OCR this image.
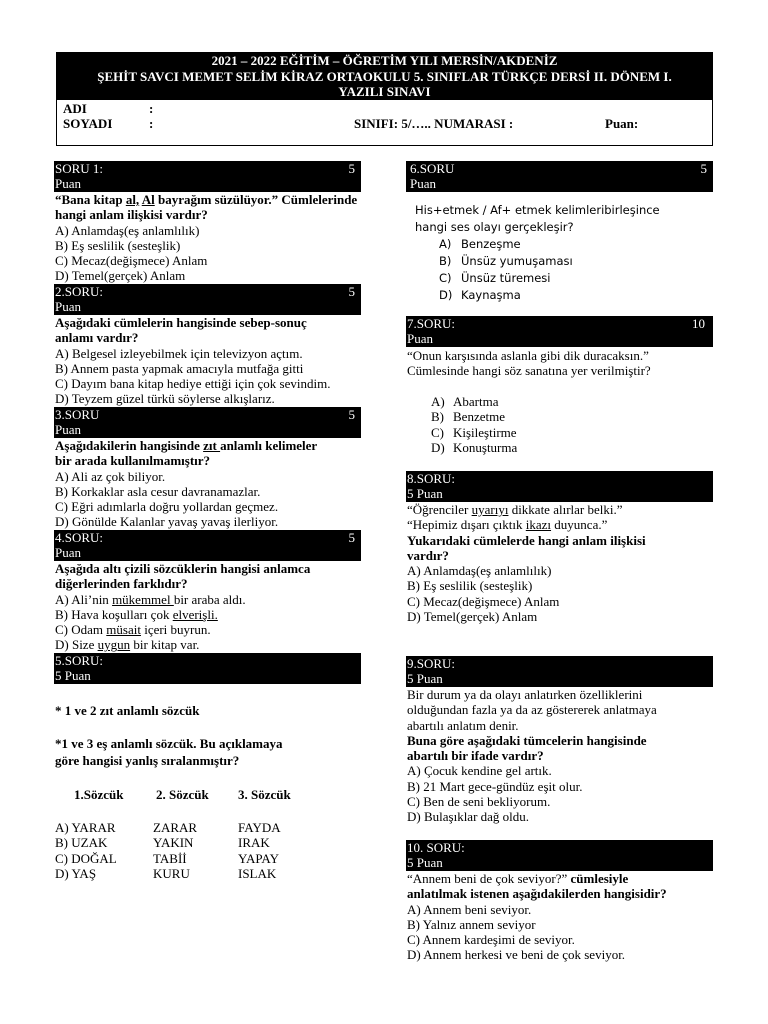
2021 – 2022 EĞİTİM – ÖĞRETİM YILI MERSİN/AKDENİZ
ŞEHİT SAVCI MEMET SELİM KİRAZ ORTAOKULU 5. SINIFLAR TÜRKÇE DERSİ II. DÖNEM I.
YAZILI SINAVI
ADI	:
SOYADI	:	SINIFI: 5/….. NUMARASI :	Puan:
SORU 1:
Puan
5
“Bana kitap al, Al bayrağım süzülüyor.” Cümlelerinde
hangi anlam ilişkisi vardır?
A) Anlamdaş(eş anlamlılık)
B) Eş seslilik (sesteşlik)
C) Mecaz(değişmece) Anlam
D) Temel(gerçek) Anlam
2.SORU:
Puan
5
Aşağıdaki cümlelerin hangisinde sebep-sonuç
anlamı vardır?
A) Belgesel izleyebilmek için televizyon açtım.
B) Annem pasta yapmak amacıyla mutfağa gitti
C) Dayım bana kitap hediye ettiği için çok sevindim.
D) Teyzem güzel türkü söylerse alkışlarız.
3.SORU
Puan
5
Aşağıdakilerin hangisinde zıt anlamlı kelimeler
bir arada kullanılmamıştır?
A) Ali az çok biliyor.
B) Korkaklar asla cesur davranamazlar.
C) Eğri adımlarla doğru yollardan geçmez.
D) Gönülde Kalanlar yavaş yavaş ilerliyor.
4.SORU:
Puan
5
Aşağıda altı çizili sözcüklerin hangisi anlamca
diğerlerinden farklıdır?
A) Ali’nin mükemmel bir araba aldı.
B) Hava koşulları çok elverişli.
C) Odam müsait içeri buyrun.
D) Size uygun bir kitap var.
5.SORU:
5 Puan
* 1 ve 2 zıt anlamlı sözcük
*1 ve 3 eş anlamlı sözcük. Bu açıklamaya
göre hangisi yanlış sıralanmıştır?
1.Sözcük	2. Sözcük 3. Sözcük
A) YARAR	ZARAR	FAYDA
B) UZAK	YAKIN	IRAK
C) DOĞAL	TABİİ	YAPAY
D) YAŞ	KURU	ISLAK
6.SORU
Puan
5
His+etmek / Af+ etmek kelimleribirleşince
hangi ses olayı gerçekleşir?
A) Benzeşme
B) Ünsüz yumuşaması
C) Ünsüz türemesi
D) Kaynaşma
7.SORU:
Puan
10
“Onun karşısında aslanla gibi dik duracaksın.”
Cümlesinde hangi söz sanatına yer verilmiştir?
A) Abartma
B) Benzetme
C) Kişileştirme
D) Konuşturma
8.SORU:
5 Puan
“Öğrenciler uyarıyı dikkate alırlar belki.”
“Hepimiz dışarı çıktık ikazı duyunca.”
Yukarıdaki cümlelerde hangi anlam ilişkisi
vardır?
A) Anlamdaş(eş anlamlılık)
B) Eş seslilik (sesteşlik)
C) Mecaz(değişmece) Anlam
D) Temel(gerçek) Anlam
9.SORU:
5 Puan
Bir durum ya da olayı anlatırken özelliklerini
olduğundan fazla ya da az göstererek anlatmaya
abartılı anlatım denir.
Buna göre aşağıdaki tümcelerin hangisinde
abartılı bir ifade vardır?
A) Çocuk kendine gel artık.
B) 21 Mart gece-gündüz eşit olur.
C) Ben de seni bekliyorum.
D) Bulaşıklar dağ oldu.
10. SORU:
5 Puan
“Annem beni de çok seviyor?” cümlesiyle
anlatılmak istenen aşağıdakilerden hangisidir?
A) Annem beni seviyor.
B) Yalnız annem seviyor
C) Annem kardeşimi de seviyor.
D) Annem herkesi ve beni de çok seviyor.
